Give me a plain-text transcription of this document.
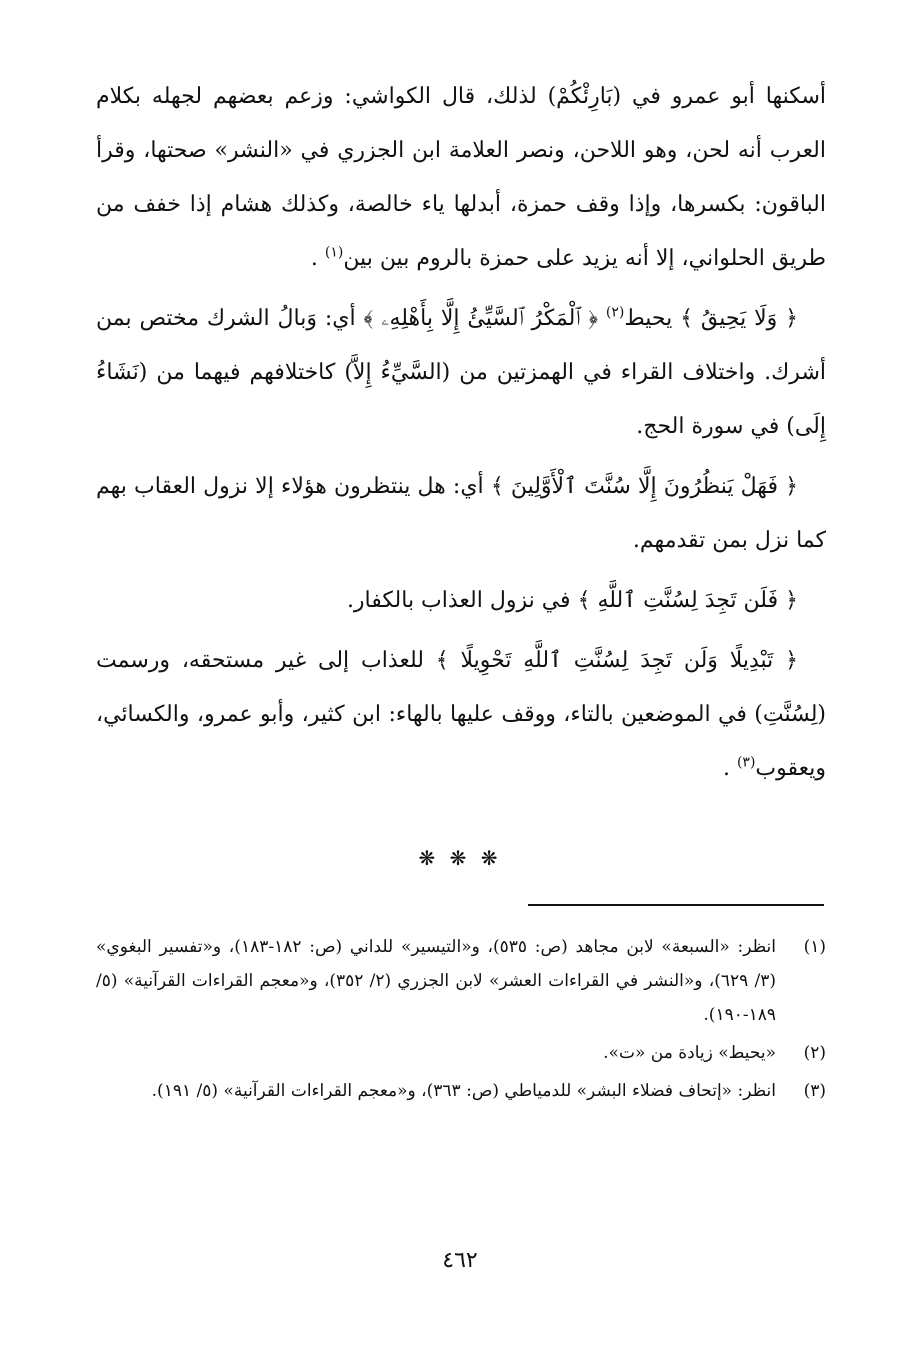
أسكنها أبو عمرو في (بَارِئْكُمْ) لذلك، قال الكواشي: وزعم بعضهم لجهله بكلام العرب أنه لحن، وهو اللاحن، ونصر العلامة ابن الجزري في «النشر» صحتها، وقرأ الباقون: بكسرها، وإذا وقف حمزة، أبدلها ياء خالصة، وكذلك هشام إذا خفف من طريق الحلواني، إلا أنه يزيد على حمزة بالروم بين بين$^{(١)}$ .

﴿ وَلَا يَحِيقُ ﴾ يحيط$^{(٢)}$ ﴿ ٱلْمَكْرُ ٱلسَّيِّئُ إِلَّا بِأَهْلِهِۦ ﴾ أي: وَبالُ الشرك مختص بمن أشرك. واختلاف القراء في الهمزتين من (السَّيِّءُ إِلاَّ) كاختلافهم فيهما من (نَشَاءُ إِلَى) في سورة الحج.

﴿ فَهَلْ يَنظُرُونَ إِلَّا سُنَّتَ ٱلْأَوَّلِينَ ﴾ أي: هل ينتظرون هؤلاء إلا نزول العقاب بهم كما نزل بمن تقدمهم.

﴿ فَلَن تَجِدَ لِسُنَّتِ ٱللَّهِ ﴾ في نزول العذاب بالكفار.

﴿ تَبْدِيلًا وَلَن تَجِدَ لِسُنَّتِ ٱللَّهِ تَحْوِيلًا ﴾ للعذاب إلى غير مستحقه، ورسمت (لِسُنَّتِ) في الموضعين بالتاء، ووقف عليها بالهاء: ابن كثير، وأبو عمرو، والكسائي، ويعقوب$^{(٣)}$ .

❋ ❋ ❋
(١)
انظر: «السبعة» لابن مجاهد (ص: ٥٣٥)، و«التيسير» للداني (ص: ١٨٢-١٨٣)، و«تفسير البغوي» (٣/ ٦٢٩)، و«النشر في القراءات العشر» لابن الجزري (٢/ ٣٥٢)، و«معجم القراءات القرآنية» (٥/ ١٨٩-١٩٠).
(٢)
«يحيط» زيادة من «ت».
(٣)
انظر: «إتحاف فضلاء البشر» للدمياطي (ص: ٣٦٣)، و«معجم القراءات القرآنية» (٥/ ١٩١).
٤٦٢
